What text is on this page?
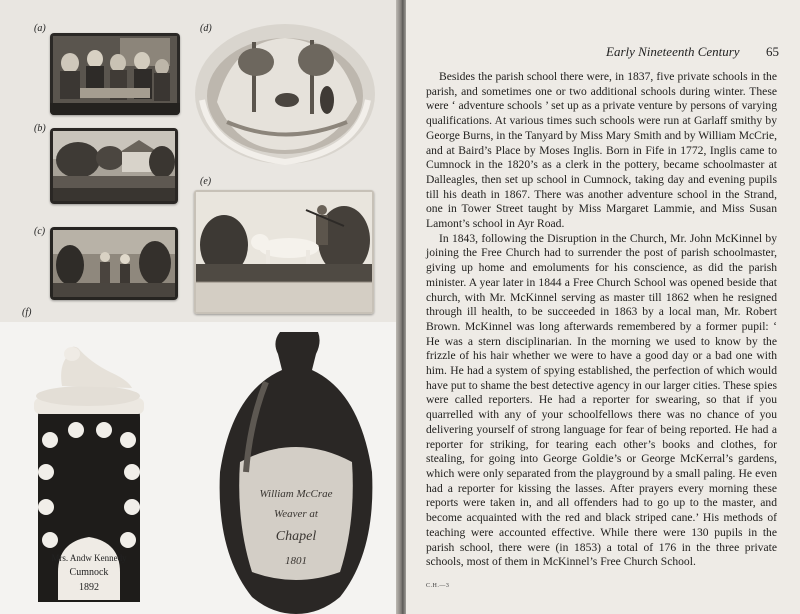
(a)	(d)
(b)
(c)
(e)
(f)
Mrs. Andw Kennedy
Cumnock
1892
William McCrae
Weaver at
Chapel
1801
Early Nineteenth Century 65

Besides the parish school there were, in 1837, five private schools in the parish, and sometimes one or two additional schools during winter. These were ‘ adventure schools ’ set up as a private venture by persons of varying qualifications. At various times such schools were run at Garlaff smithy by George Burns, in the Tanyard by Miss Mary Smith and by William McCrie, and at Baird’s Place by Moses Inglis. Born in Fife in 1772, Inglis came to Cumnock in the 1820’s as a clerk in the pottery, became schoolmaster at Dalleagles, then set up school in Cumnock, taking day and evening pupils till his death in 1867. There was another adventure school in the Strand, one in Tower Street taught by Miss Margaret Lammie, and Miss Susan Lamont’s school in Ayr Road.

In 1843, following the Disruption in the Church, Mr. John McKinnel by joining the Free Church had to surrender the post of parish schoolmaster, giving up home and emoluments for his conscience, as did the parish minister. A year later in 1844 a Free Church School was opened beside that church, with Mr. McKinnel serving as master till 1862 when he resigned through ill health, to be succeeded in 1863 by a local man, Mr. Robert Brown. McKinnel was long afterwards remembered by a former pupil: ‘ He was a stern disciplinarian. In the morning we used to know by the frizzle of his hair whether we were to have a good day or a bad one with him. He had a system of spying established, the perfection of which would have put to shame the best detective agency in our larger cities. These spies were called reporters. He had a reporter for swearing, so that if you quarrelled with any of your schoolfellows there was no chance of you delivering yourself of strong language for fear of being reported. He had a reporter for striking, for tearing each other’s books and clothes, for stealing, for going into George Goldie’s or George McKerral’s gardens, which were only separated from the playground by a small paling. He even had a reporter for kissing the lasses. After prayers every morning these reports were taken in, and all offenders had to go up to the master, and become acquainted with the red and black striped cane.’ His methods of teaching were accounted effective. While there were 130 pupils in the parish school, there were (in 1853) a total of 176 in the three private schools, most of them in McKinnel’s Free Church School.

C.H.—3
